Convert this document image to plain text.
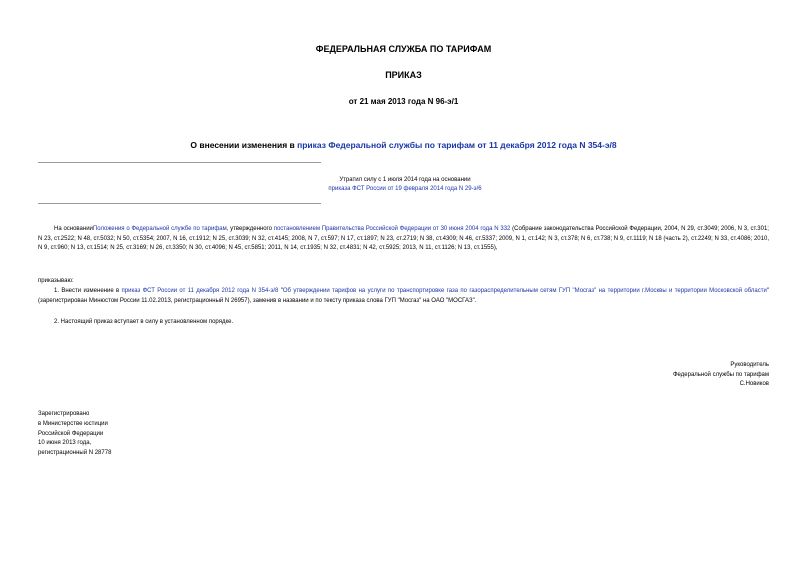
ФЕДЕРАЛЬНАЯ СЛУЖБА ПО ТАРИФАМ
ПРИКАЗ
от 21 мая 2013 года N 96-э/1
О внесении изменения в приказ Федеральной службы по тарифам от 11 декабря 2012 года N 354-э/8
Утратил силу с 1 июля 2014 года на основании
приказа ФСТ России от 19 февраля 2014 года N 29-э/6
На основанииПоложения о Федеральной службе по тарифам, утвержденного постановлением Правительства Российской Федерации от 30 июня 2004 года N 332 (Собрание законодательства Российской Федерации, 2004, N 29, ст.3049; 2006, N 3, ст.301; N 23, ст.2522; N 48, ст.5032; N 50, ст.5354; 2007, N 16, ст.1912; N 25, ст.3039; N 32, ст.4145; 2008, N 7, ст.597; N 17, ст.1897; N 23, ст.2719; N 38, ст.4309; N 46, ст.5337; 2009, N 1, ст.142; N 3, ст.378; N 6, ст.738; N 9, ст.1119; N 18 (часть 2), ст.2249; N 33, ст.4086; 2010, N 9, ст.960; N 13, ст.1514; N 25, ст.3169; N 26, ст.3350; N 30, ст.4096; N 45, ст.5851; 2011, N 14, ст.1935; N 32, ст.4831; N 42, ст.5925; 2013, N 11, ст.1126; N 13, ст.1555),
приказываю:
1. Внести изменение в приказ ФСТ России от 11 декабря 2012 года N 354-э/8 "Об утверждении тарифов на услуги по транспортировке газа по газораспределительным сетям ГУП "Мосгаз" на территории г.Москвы и территории Московской области" (зарегистрирован Минюстом России 11.02.2013, регистрационный N 26957), заменив в названии и по тексту приказа слова ГУП "Мосгаз" на ОАО "МОСГАЗ".
2. Настоящий приказ вступает в силу в установленном порядке.
Руководитель
Федеральной службы по тарифам
С.Новиков
Зарегистрировано
в Министерстве юстиции
Российской Федерации
10 июня 2013 года,
регистрационный N 28778
